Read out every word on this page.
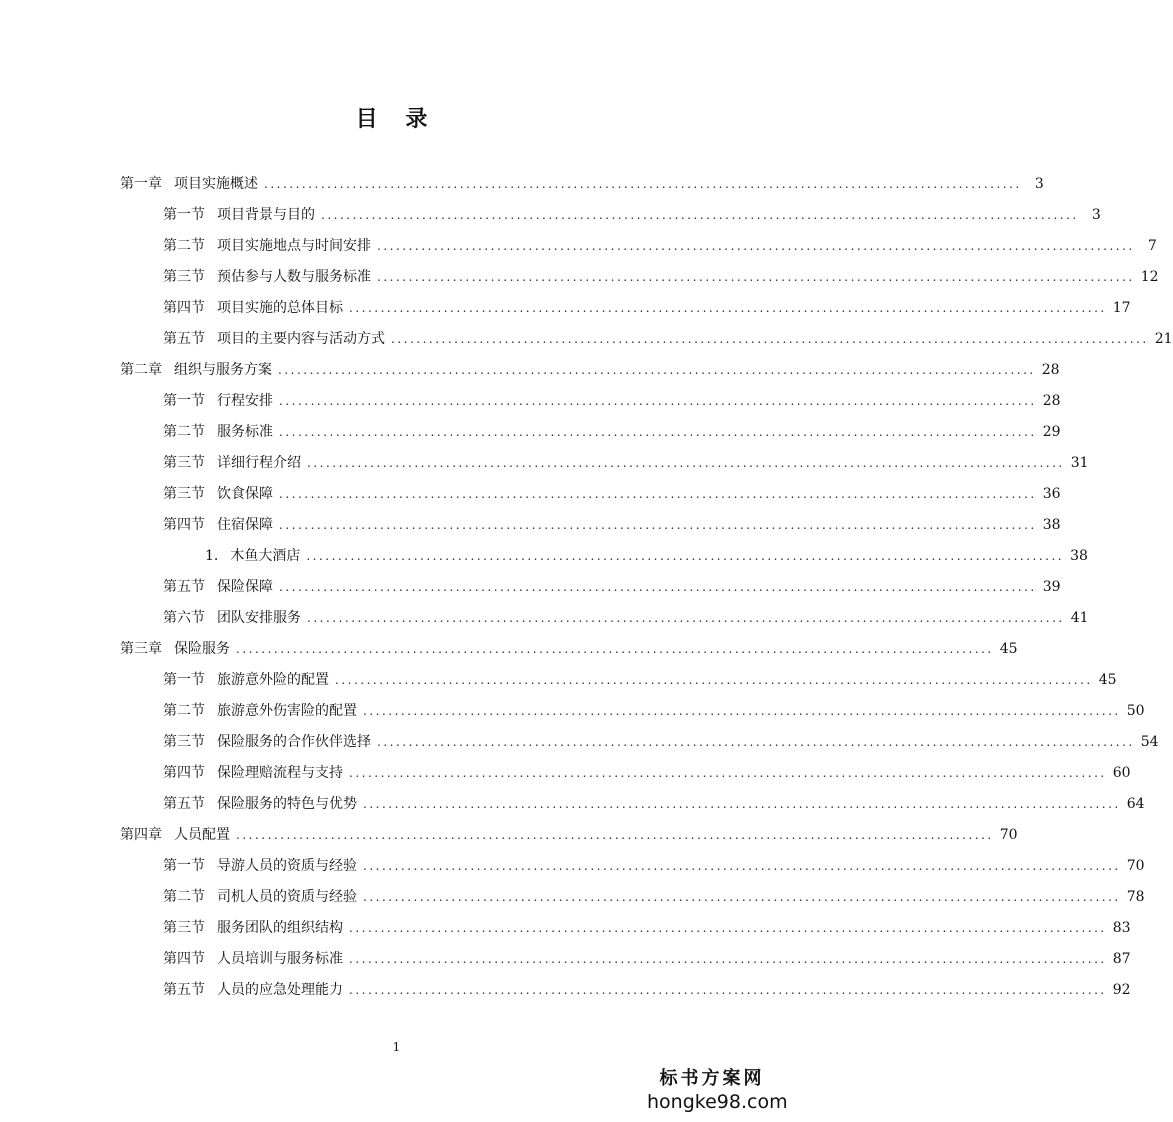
目 录
第一章 项目实施概述 ........................................................................................................................ 3
第一节 项目背景与目的 ........................................................................................................................ 3
第二节 项目实施地点与时间安排 ........................................................................................................................ 7
第三节 预估参与人数与服务标准 ........................................................................................................................ 12
第四节 项目实施的总体目标 ........................................................................................................................ 17
第五节 项目的主要内容与活动方式 ........................................................................................................................ 21
第二章 组织与服务方案 ........................................................................................................................ 28
第一节 行程安排 ........................................................................................................................ 28
第二节 服务标准 ........................................................................................................................ 29
第三节 详细行程介绍 ........................................................................................................................ 31
第三节 饮食保障 ........................................................................................................................ 36
第四节 住宿保障 ........................................................................................................................ 38
1. 木鱼大酒店 ........................................................................................................................ 38
第五节 保险保障 ........................................................................................................................ 39
第六节 团队安排服务 ........................................................................................................................ 41
第三章 保险服务 ........................................................................................................................ 45
第一节 旅游意外险的配置 ........................................................................................................................ 45
第二节 旅游意外伤害险的配置 ........................................................................................................................ 50
第三节 保险服务的合作伙伴选择 ........................................................................................................................ 54
第四节 保险理赔流程与支持 ........................................................................................................................ 60
第五节 保险服务的特色与优势 ........................................................................................................................ 64
第四章 人员配置 ........................................................................................................................ 70
第一节 导游人员的资质与经验 ........................................................................................................................ 70
第二节 司机人员的资质与经验 ........................................................................................................................ 78
第三节 服务团队的组织结构 ........................................................................................................................ 83
第四节 人员培训与服务标准 ........................................................................................................................ 87
第五节 人员的应急处理能力 ........................................................................................................................ 92
1
标书方案网
hongke98.com
